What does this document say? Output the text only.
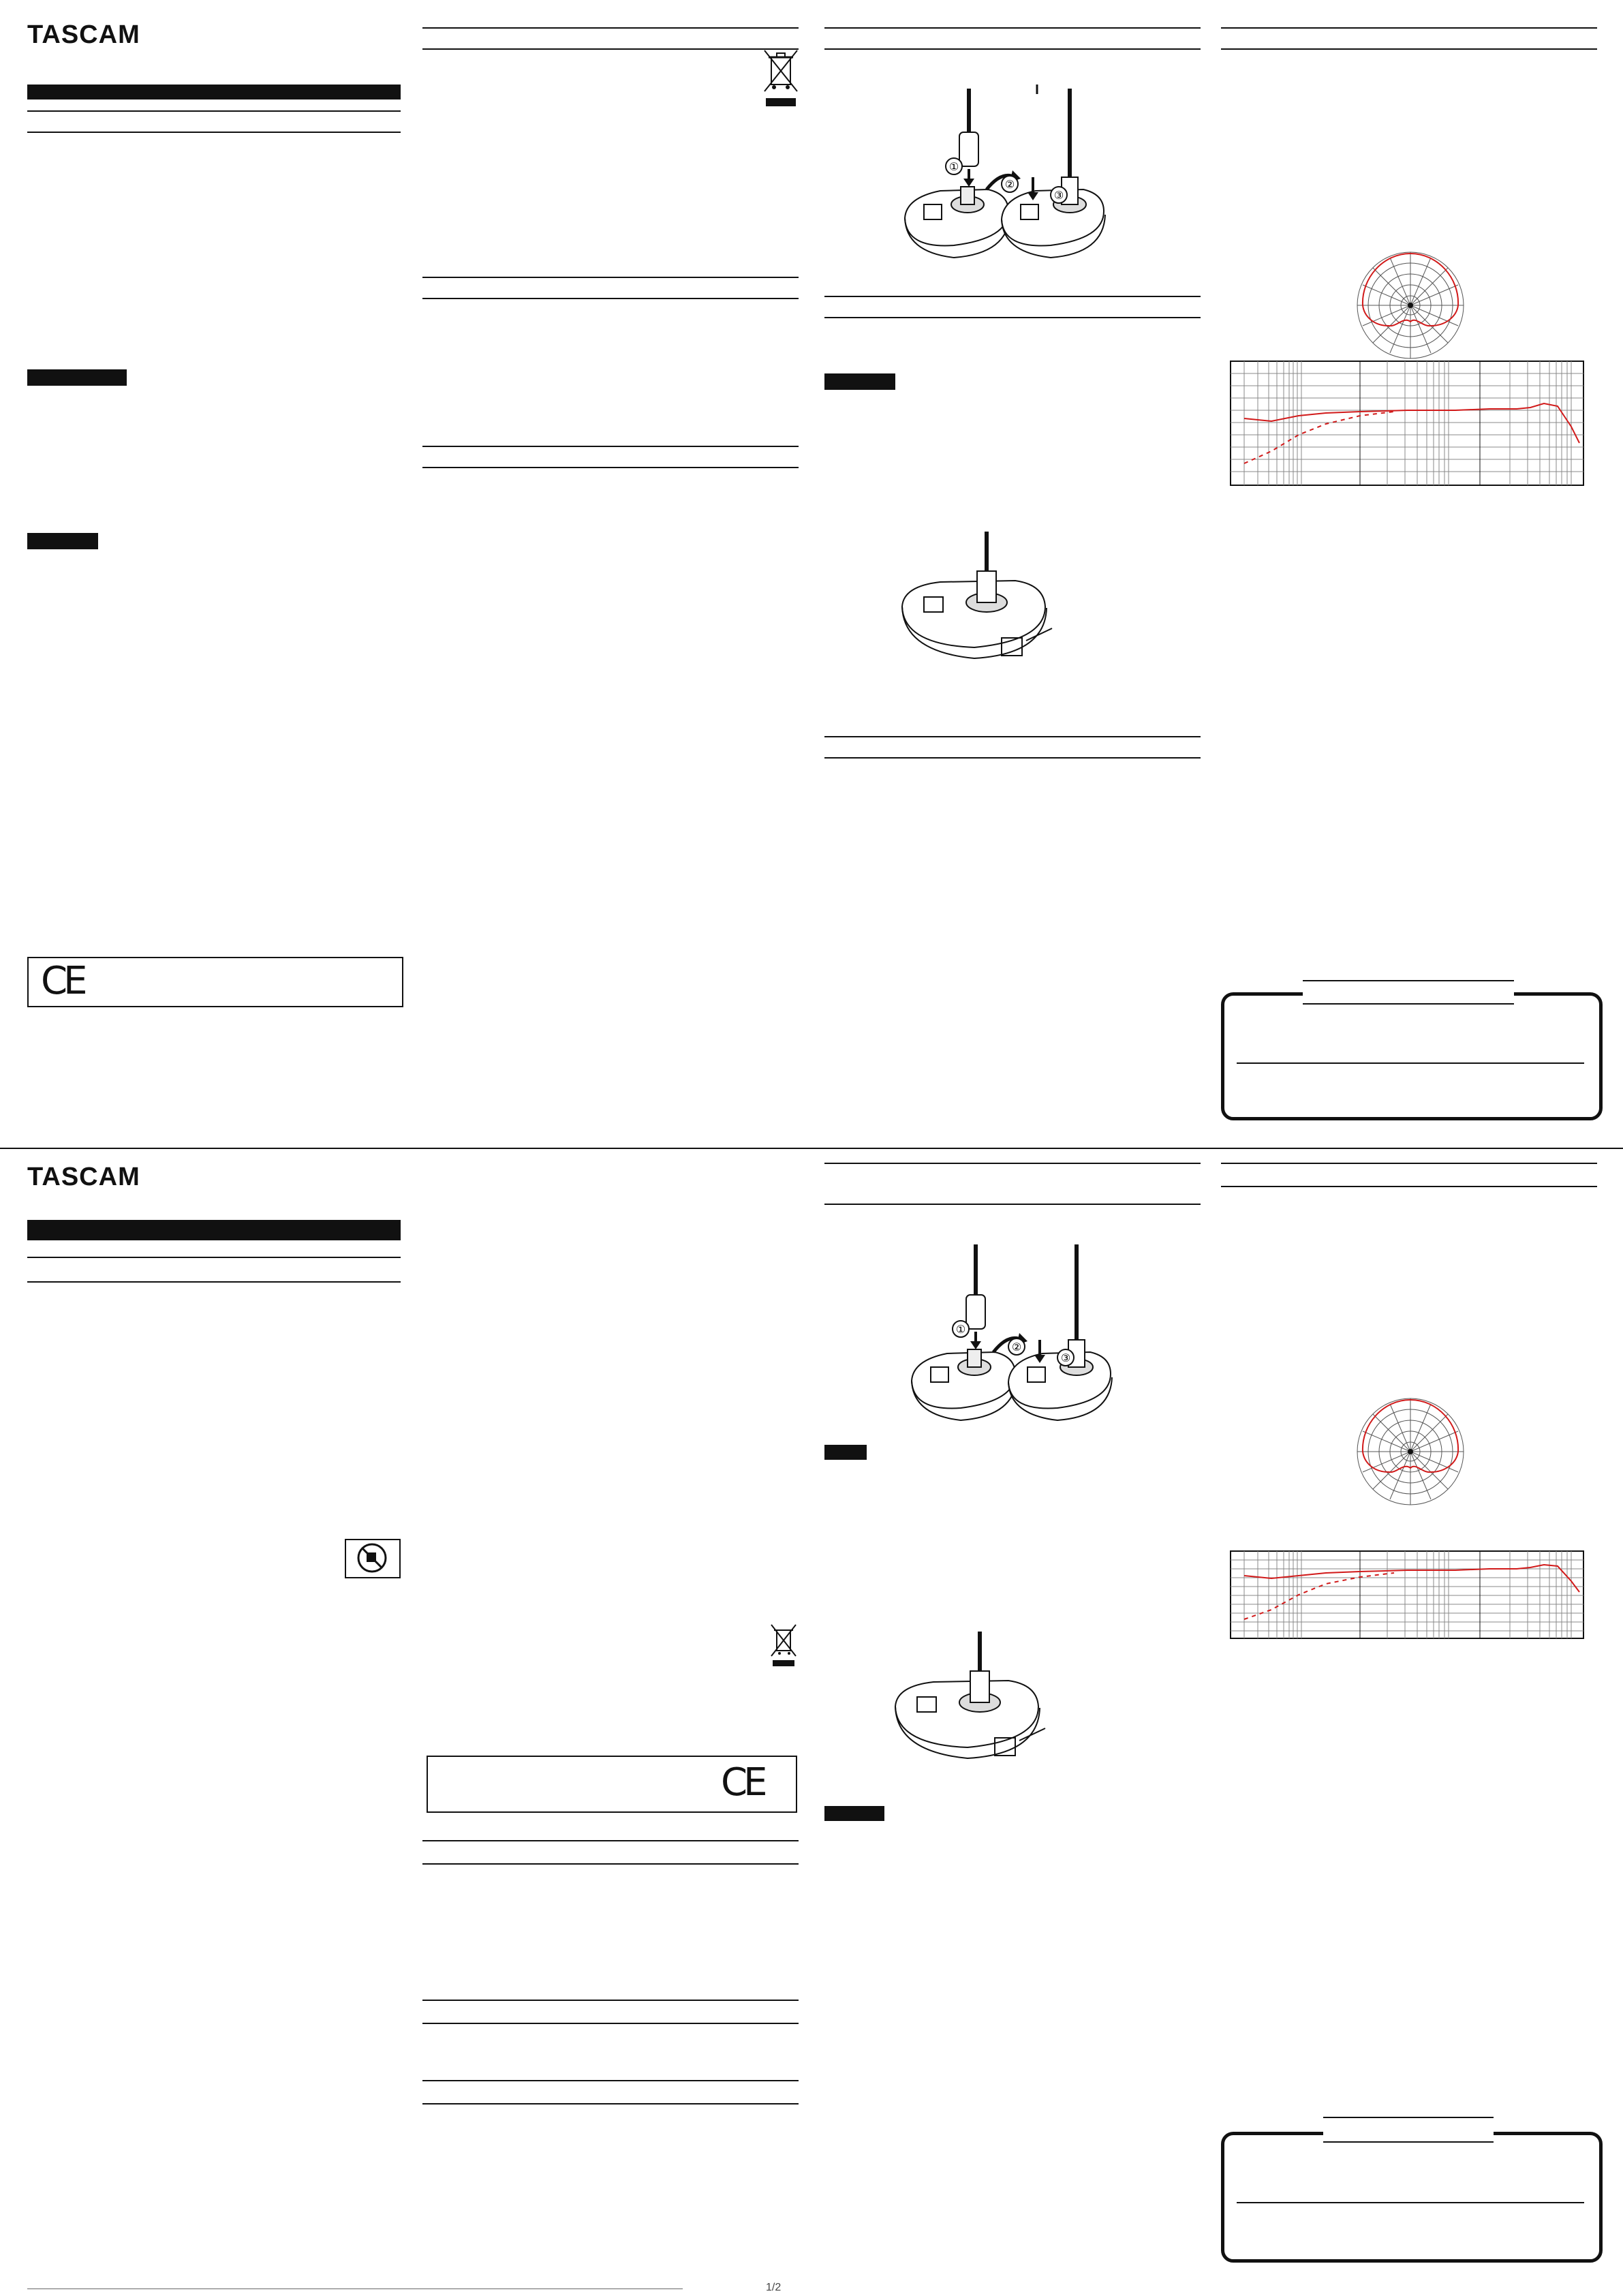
TASCAM
CE
①
②
③
TASCAM
CE
①
②
③
1/2
